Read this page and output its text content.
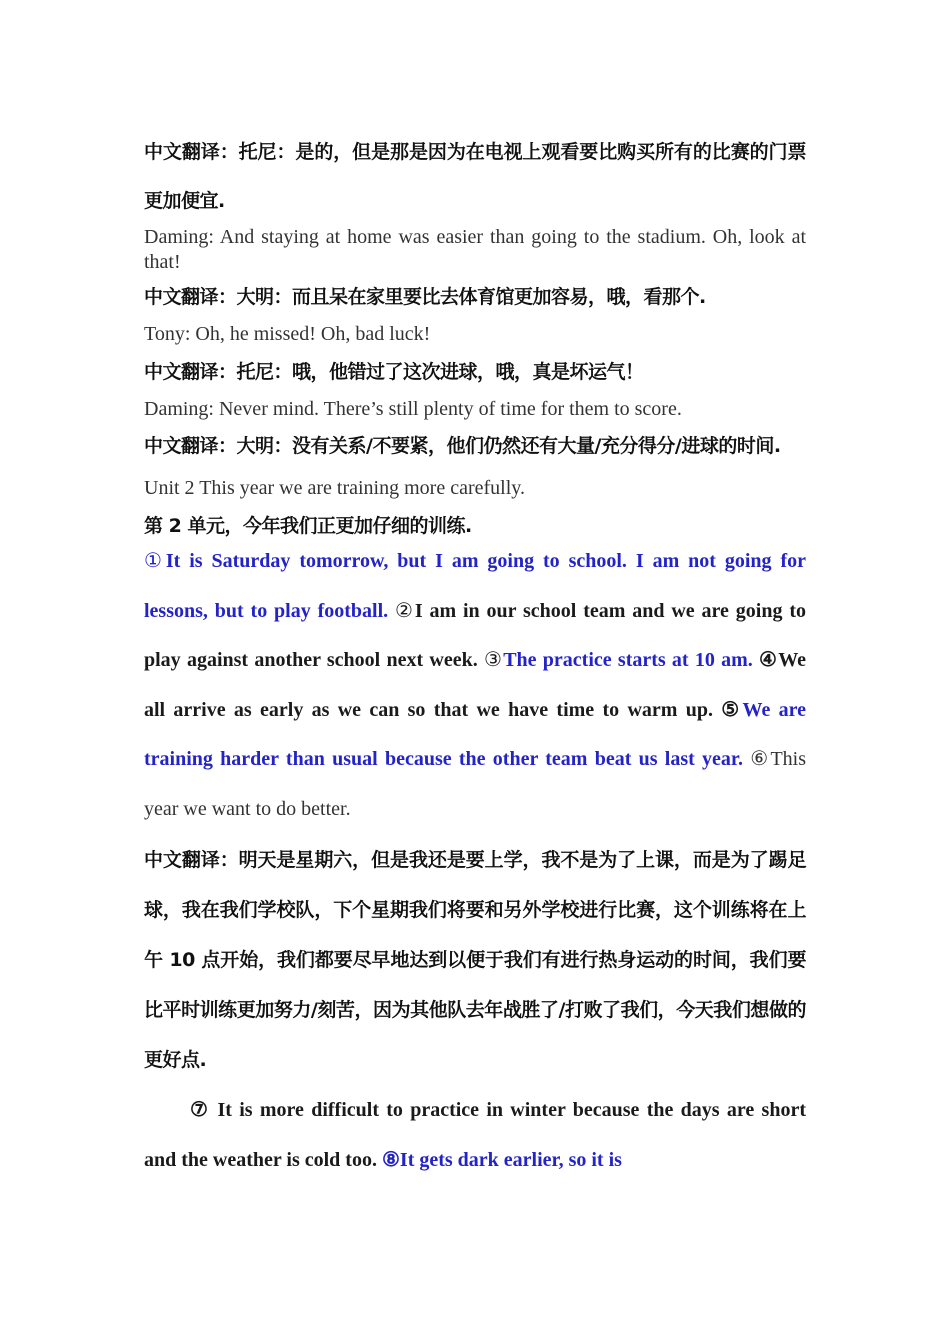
中文翻译：托尼：是的，但是那是因为在电视上观看要比购买所有的比赛的门票更加便宜.

Daming: And staying at home was easier than going to the stadium. Oh, look at that!

中文翻译：大明：而且呆在家里要比去体育馆更加容易，哦，看那个.

Tony: Oh, he missed! Oh, bad luck!

中文翻译：托尼：哦，他错过了这次进球，哦，真是坏运气！

Daming: Never mind. There’s still plenty of time for them to score.

中文翻译：大明：没有关系/不要紧，他们仍然还有大量/充分得分/进球的时间.

Unit 2 This year we are training more carefully.

第 2 单元，今年我们正更加仔细的训练.

①It is Saturday tomorrow, but I am going to school. I am not going for lessons, but to play football. ②I am in our school team and we are going to play against another school next week. ③The practice starts at 10 am. ④We all arrive as early as we can so that we have time to warm up. ⑤We are training harder than usual because the other team beat us last year. ⑥This year we want to do better.

中文翻译：明天是星期六，但是我还是要上学，我不是为了上课，而是为了踢足球，我在我们学校队，下个星期我们将要和另外学校进行比赛，这个训练将在上午 10 点开始，我们都要尽早地达到以便于我们有进行热身运动的时间，我们要比平时训练更加努力/刻苦，因为其他队去年战胜了/打败了我们，今天我们想做的更好点.

⑦ It is more difficult to practice in winter because the days are short and the weather is cold too. ⑧It gets dark earlier, so it is
